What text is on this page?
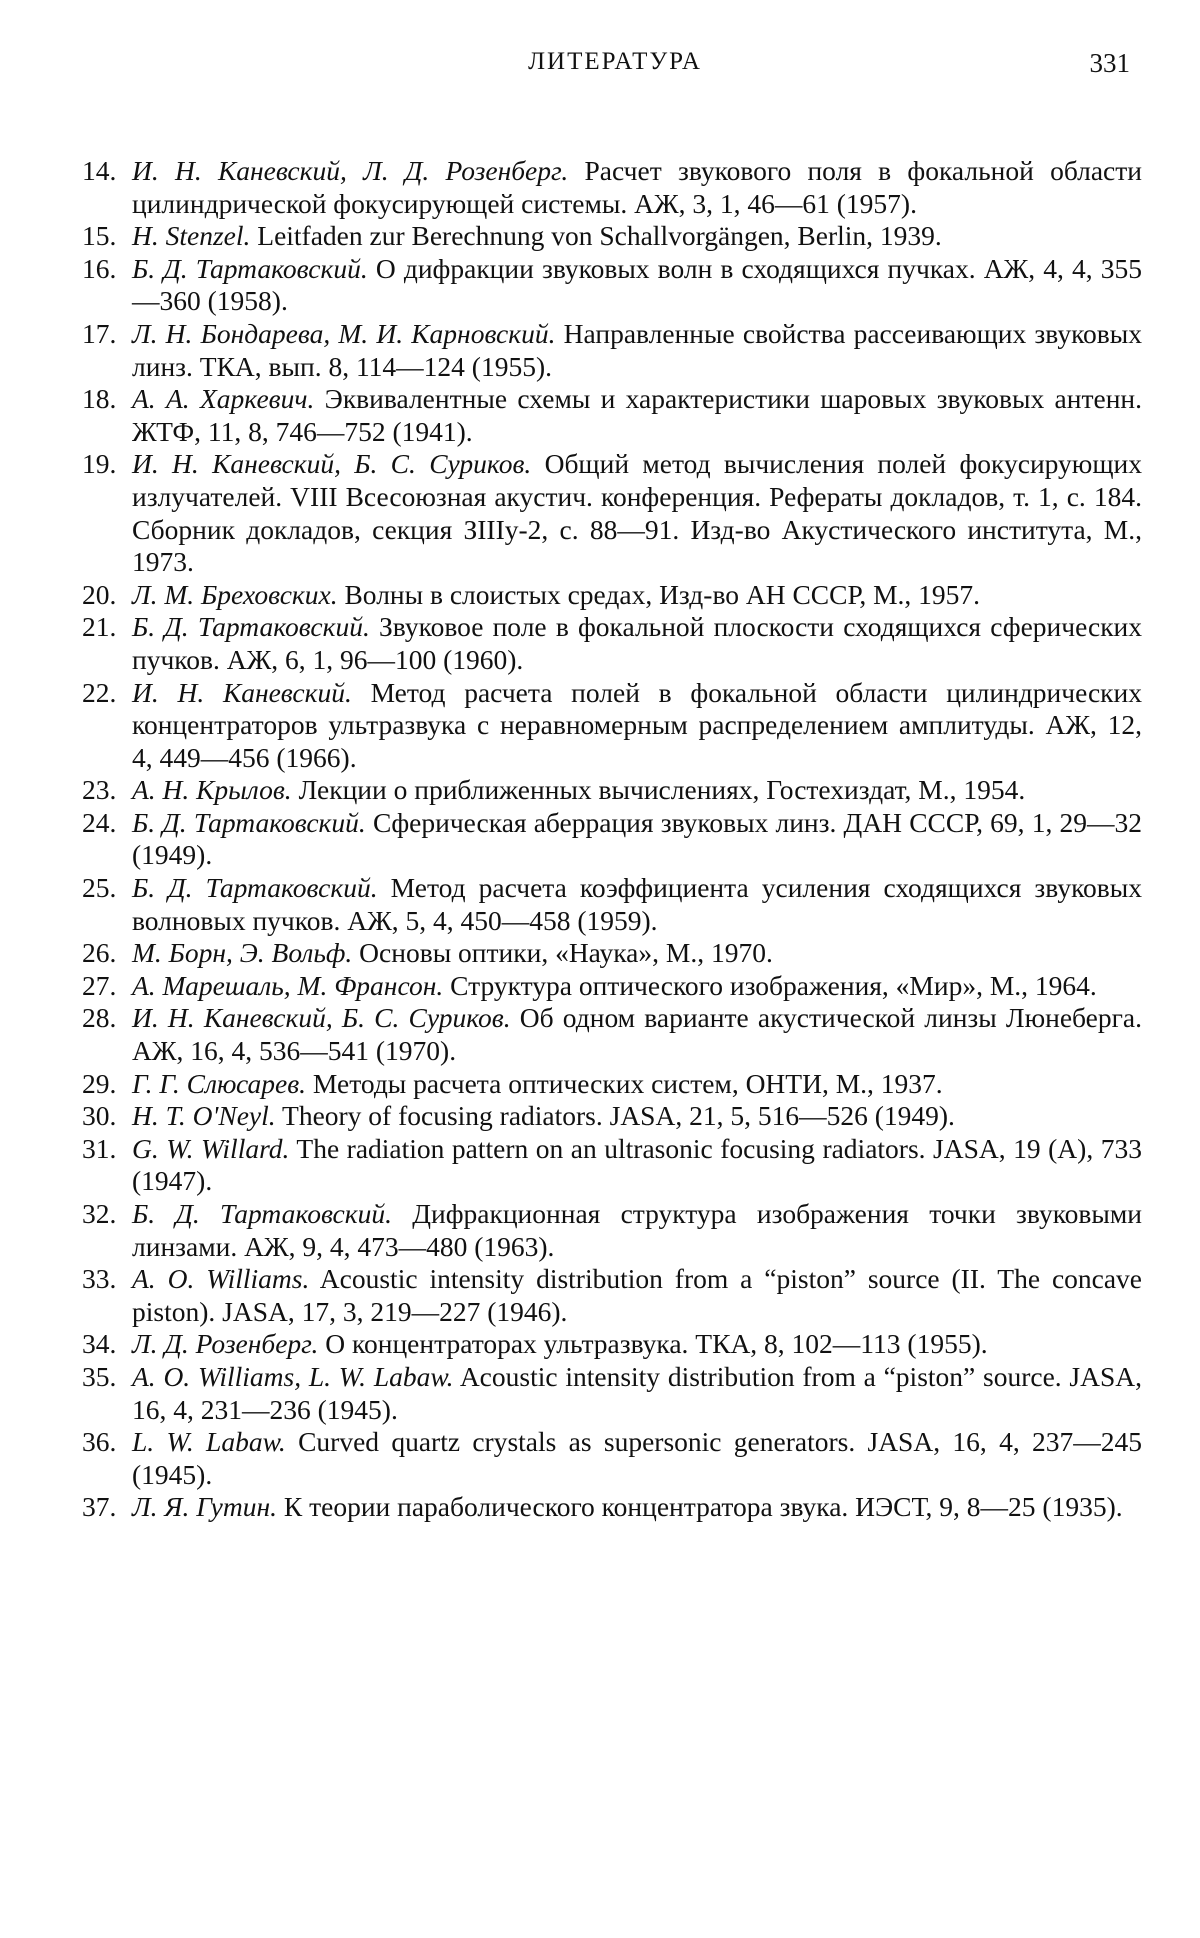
ЛИТЕРАТУРА	331
14. И. Н. Каневский, Л. Д. Розенберг. Расчет звукового поля в фокальной области цилиндрической фокусирующей системы. АЖ, 3, 1, 46—61 (1957).
15. H. Stenzel. Leitfaden zur Berechnung von Schallvorgängen, Berlin, 1939.
16. Б. Д. Тартаковский. О дифракции звуковых волн в сходящихся пучках. АЖ, 4, 4, 355—360 (1958).
17. Л. Н. Бондарева, М. И. Карновский. Направленные свойства рассеивающих звуковых линз. ТКА, вып. 8, 114—124 (1955).
18. А. А. Харкевич. Эквивалентные схемы и характеристики шаровых звуковых антенн. ЖТФ, 11, 8, 746—752 (1941).
19. И. Н. Каневский, Б. С. Суриков. Общий метод вычисления полей фокусирующих излучателей. VIII Всесоюзная акустич. конференция. Рефераты докладов, т. 1, с. 184. Сборник докладов, секция ЗIIIу-2, с. 88—91. Изд-во Акустического института, М., 1973.
20. Л. М. Бреховских. Волны в слоистых средах, Изд-во АН СССР, М., 1957.
21. Б. Д. Тартаковский. Звуковое поле в фокальной плоскости сходящихся сферических пучков. АЖ, 6, 1, 96—100 (1960).
22. И. Н. Каневский. Метод расчета полей в фокальной области цилиндрических концентраторов ультразвука с неравномерным распределением амплитуды. АЖ, 12, 4, 449—456 (1966).
23. А. Н. Крылов. Лекции о приближенных вычислениях, Гостехиздат, М., 1954.
24. Б. Д. Тартаковский. Сферическая аберрация звуковых линз. ДАН СССР, 69, 1, 29—32 (1949).
25. Б. Д. Тартаковский. Метод расчета коэффициента усиления сходящихся звуковых волновых пучков. АЖ, 5, 4, 450—458 (1959).
26. М. Борн, Э. Вольф. Основы оптики, «Наука», М., 1970.
27. А. Марешаль, М. Франсон. Структура оптического изображения, «Мир», М., 1964.
28. И. Н. Каневский, Б. С. Суриков. Об одном варианте акустической линзы Люнеберга. АЖ, 16, 4, 536—541 (1970).
29. Г. Г. Слюсарев. Методы расчета оптических систем, ОНТИ, М., 1937.
30. H. T. O'Neyl. Theory of focusing radiators. JASA, 21, 5, 516—526 (1949).
31. G. W. Willard. The radiation pattern on an ultrasonic focusing radiators. JASA, 19 (A), 733 (1947).
32. Б. Д. Тартаковский. Дифракционная структура изображения точки звуковыми линзами. АЖ, 9, 4, 473—480 (1963).
33. A. O. Williams. Acoustic intensity distribution from a “piston” source (II. The concave piston). JASA, 17, 3, 219—227 (1946).
34. Л. Д. Розенберг. О концентраторах ультразвука. ТКА, 8, 102—113 (1955).
35. A. O. Williams, L. W. Labaw. Acoustic intensity distribution from a “piston” source. JASA, 16, 4, 231—236 (1945).
36. L. W. Labaw. Curved quartz crystals as supersonic generators. JASA, 16, 4, 237—245 (1945).
37. Л. Я. Гутин. К теории параболического концентратора звука. ИЭСТ, 9, 8—25 (1935).
